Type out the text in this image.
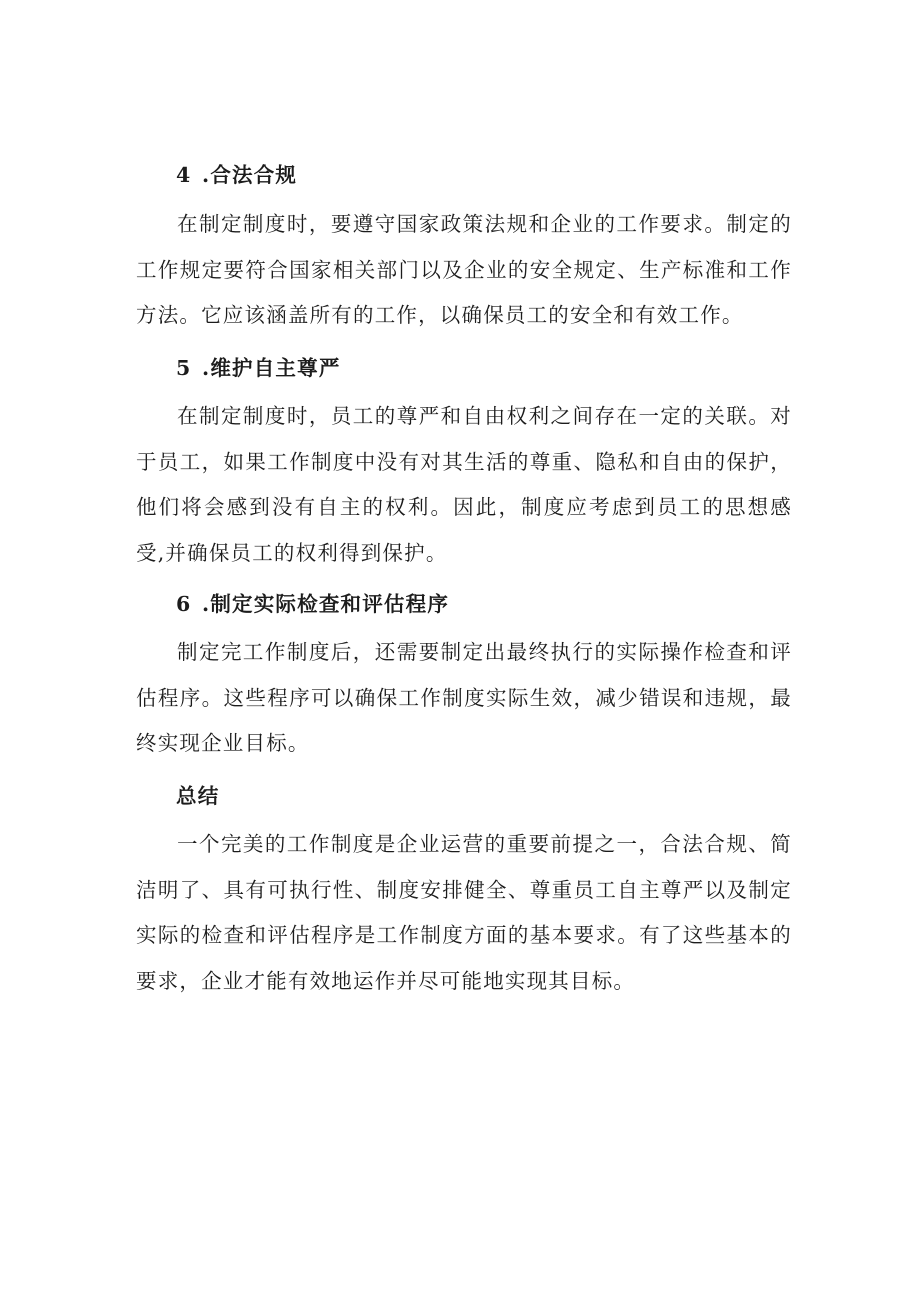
4 .合法合规

在制定制度时，要遵守国家政策法规和企业的工作要求。制定的工作规定要符合国家相关部门以及企业的安全规定、生产标准和工作方法。它应该涵盖所有的工作，以确保员工的安全和有效工作。

5 .维护自主尊严

在制定制度时，员工的尊严和自由权利之间存在一定的关联。对于员工，如果工作制度中没有对其生活的尊重、隐私和自由的保护，他们将会感到没有自主的权利。因此，制度应考虑到员工的思想感受,并确保员工的权利得到保护。

6 .制定实际检查和评估程序

制定完工作制度后，还需要制定出最终执行的实际操作检查和评估程序。这些程序可以确保工作制度实际生效，减少错误和违规，最终实现企业目标。

总结

一个完美的工作制度是企业运营的重要前提之一，合法合规、简洁明了、具有可执行性、制度安排健全、尊重员工自主尊严以及制定实际的检查和评估程序是工作制度方面的基本要求。有了这些基本的要求，企业才能有效地运作并尽可能地实现其目标。
